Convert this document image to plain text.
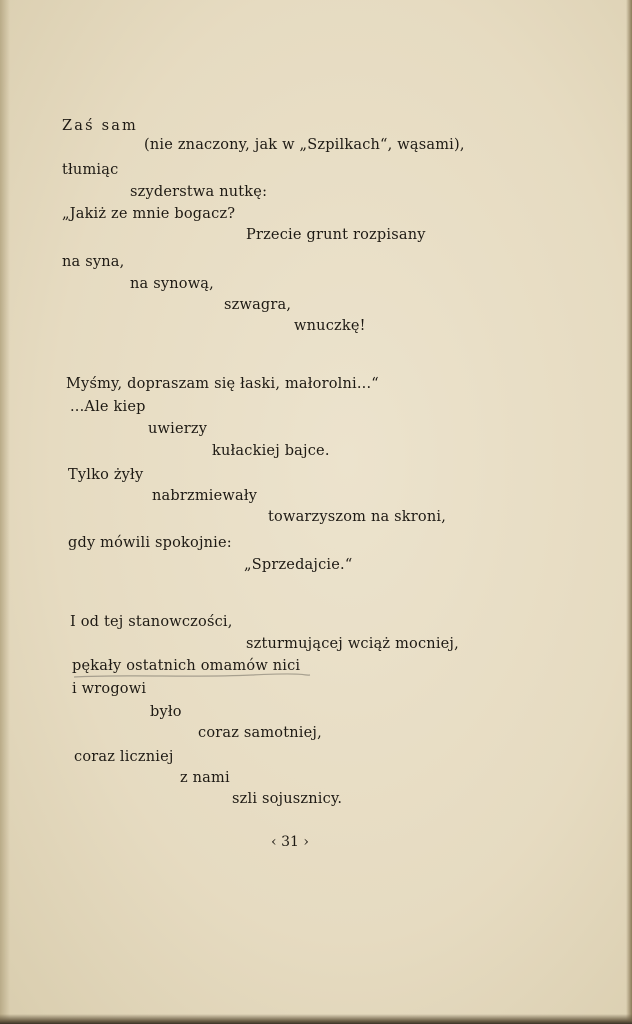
Zaś sam

(nie znaczony, jak w „Szpilkach“, wąsami),

tłumiąc

szyderstwa nutkę:

„Jakiż ze mnie bogacz?

Przecie grunt rozpisany

na syna,

na synową,

szwagra,

wnuczkę!

Myśmy, dopraszam się łaski, małorolni...“

...Ale kiep

uwierzy

kułackiej bajce.

Tylko żyły

nabrzmiewały

towarzyszom na skroni,

gdy mówili spokojnie:

„Sprzedajcie.“

I od tej stanowczości,

szturmującej wciąż mocniej,

pękały ostatnich omamów nici

i wrogowi

było

coraz samotniej,

coraz liczniej

z nami

szli sojusznicy.

‹ 31 ›
